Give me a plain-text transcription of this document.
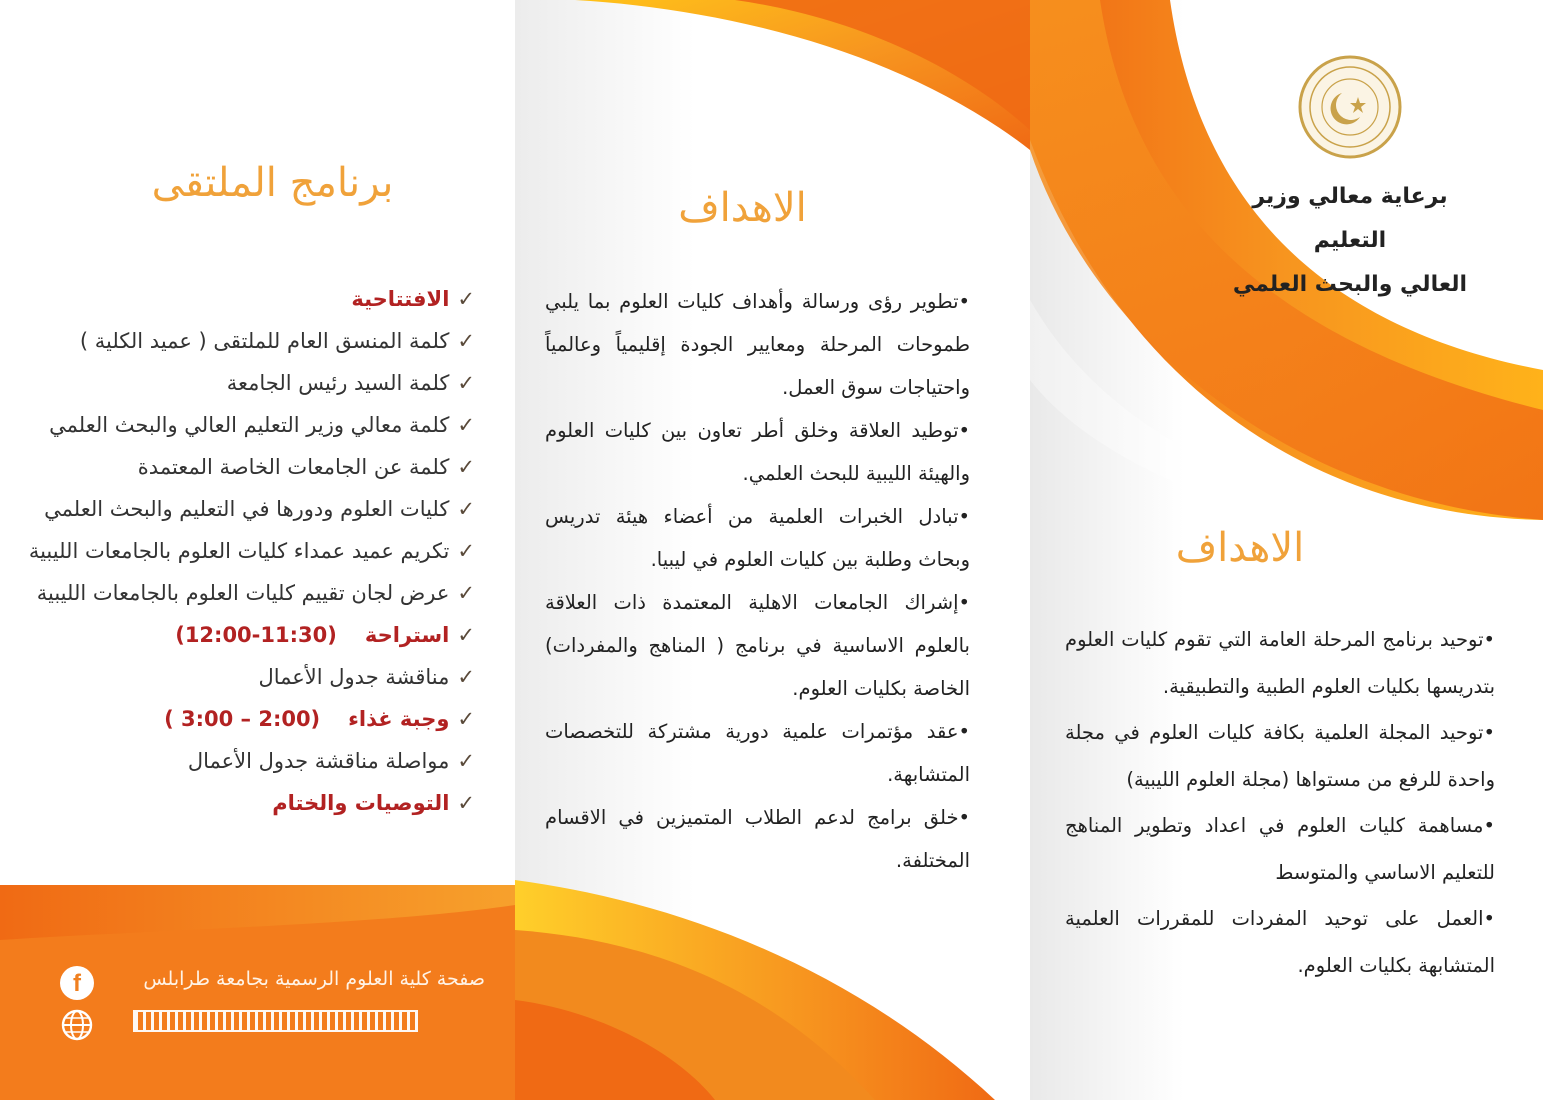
برنامج الملتقى
✓الافتتاحية
✓كلمة المنسق العام للملتقى ( عميد الكلية )
✓كلمة السيد رئيس الجامعة
✓كلمة معالي وزير التعليم العالي والبحث العلمي
✓كلمة عن الجامعات الخاصة المعتمدة
✓كليات العلوم ودورها في التعليم والبحث العلمي
✓تكريم عميد عمداء كليات العلوم بالجامعات الليبية
✓عرض لجان تقييم كليات العلوم بالجامعات الليبية
✓استراحة(12:00-11:30)
✓مناقشة جدول الأعمال
✓وجبة غذاء( 3:00 – 2:00)
✓مواصلة مناقشة جدول الأعمال
✓التوصيات والختام
صفحة كلية العلوم الرسمية بجامعة طرابلس
f
الاهداف

•تطوير رؤى ورسالة وأهداف كليات العلوم بما يلبي طموحات المرحلة ومعايير الجودة إقليمياً وعالمياً واحتياجات سوق العمل.

•توطيد العلاقة وخلق أطر تعاون بين كليات العلوم والهيئة الليبية للبحث العلمي.

•تبادل الخبرات العلمية من أعضاء هيئة تدريس وبحاث وطلبة بين كليات العلوم في ليبيا.

•إشراك الجامعات الاهلية المعتمدة ذات العلاقة بالعلوم الاساسية في برنامج ( المناهج والمفردات) الخاصة بكليات العلوم.

•عقد مؤتمرات علمية دورية مشتركة للتخصصات المتشابهة.

•خلق برامج لدعم الطلاب المتميزين في الاقسام المختلفة.

برعاية معالي وزير التعليم
العالي والبحث العلمي
الاهداف

•توحيد برنامج المرحلة العامة التي تقوم كليات العلوم بتدريسها بكليات العلوم الطبية والتطبيقية.

•توحيد المجلة العلمية بكافة كليات العلوم في مجلة واحدة للرفع من مستواها (مجلة العلوم الليبية)

•مساهمة كليات العلوم في اعداد وتطوير المناهج للتعليم الاساسي والمتوسط

•العمل على توحيد المفردات للمقررات العلمية المتشابهة بكليات العلوم.
